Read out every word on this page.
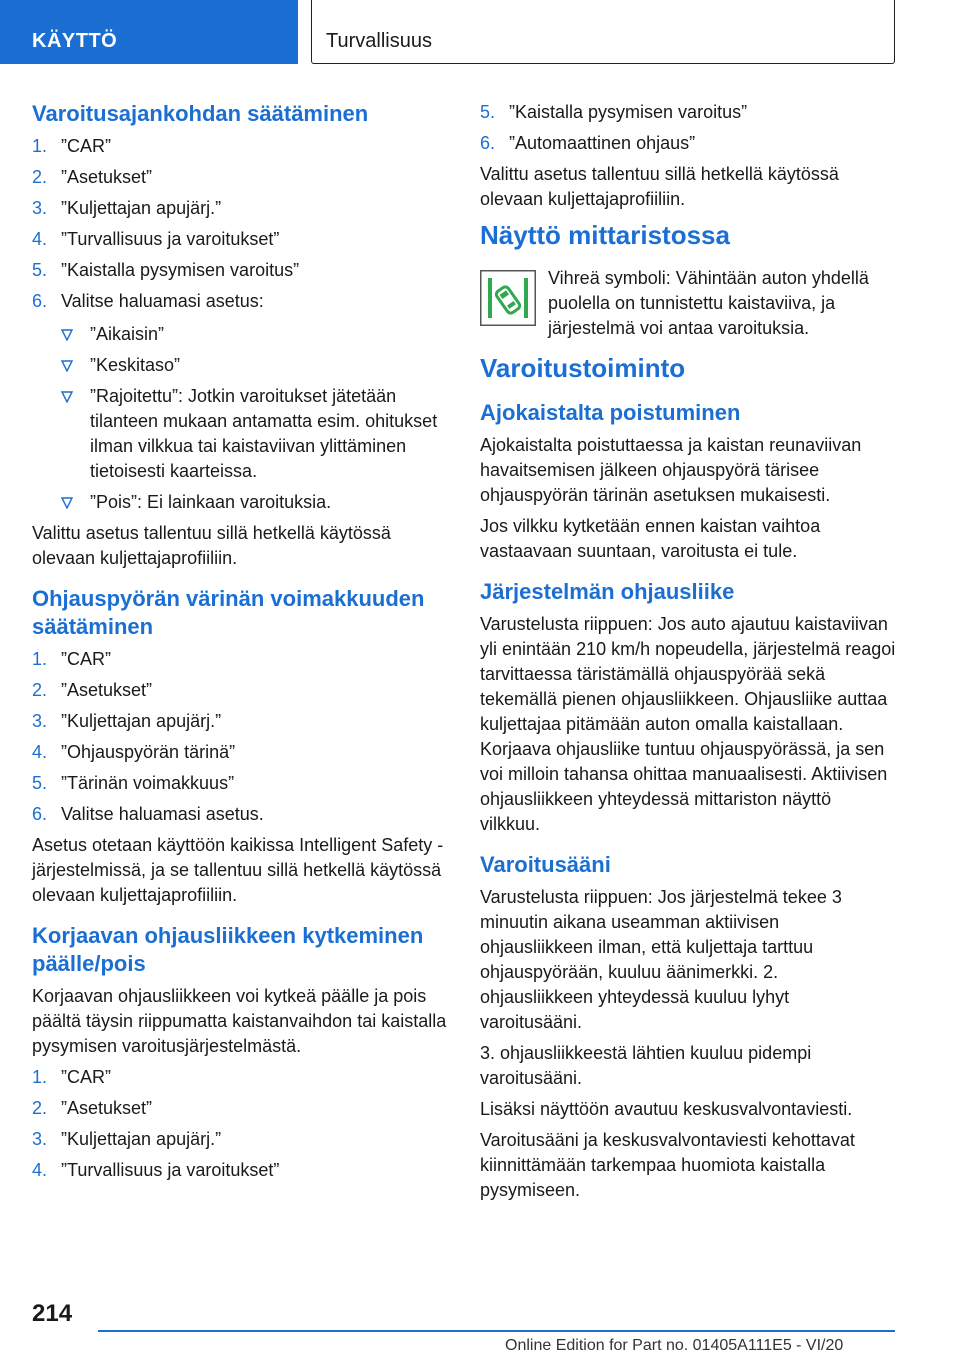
KÄYTTÖ	Turvallisuus
Varoitusajankohdan säätäminen
1. ”CAR”
2. ”Asetukset”
3. ”Kuljettajan apujärj.”
4. ”Turvallisuus ja varoitukset”
5. ”Kaistalla pysymisen varoitus”
6. Valitse haluamasi asetus:
”Aikaisin”
”Keskitaso”
”Rajoitettu”: Jotkin varoitukset jätetään tilanteen mukaan antamatta esim. ohitukset ilman vilkkua tai kaistaviivan ylittäminen tietoisesti kaarteissa.
”Pois”: Ei lainkaan varoituksia.

Valittu asetus tallentuu sillä hetkellä käytössä olevaan kuljettajaprofiiliin.

Ohjauspyörän värinän voimakkuuden säätäminen
1. ”CAR”
2. ”Asetukset”
3. ”Kuljettajan apujärj.”
4. ”Ohjauspyörän tärinä”
5. ”Tärinän voimakkuus”
6. Valitse haluamasi asetus.

Asetus otetaan käyttöön kaikissa Intelligent Safety -järjestelmissä, ja se tallentuu sillä hetkellä käytössä olevaan kuljettajaprofiiliin.

Korjaavan ohjausliikkeen kytkeminen päälle/pois

Korjaavan ohjausliikkeen voi kytkeä päälle ja pois päältä täysin riippumatta kaistanvaihdon tai kaistalla pysymisen varoitusjärjestelmästä.

1. ”CAR”
2. ”Asetukset”
3. ”Kuljettajan apujärj.”
4. ”Turvallisuus ja varoitukset”
5. ”Kaistalla pysymisen varoitus”
6. ”Automaattinen ohjaus”

Valittu asetus tallentuu sillä hetkellä käytössä olevaan kuljettajaprofiiliin.

Näyttö mittaristossa

Vihreä symboli: Vähintään auton yhdellä puolella on tunnistettu kaistaviiva, ja järjestelmä voi antaa varoituksia.

Varoitustoiminto
Ajokaistalta poistuminen

Ajokaistalta poistuttaessa ja kaistan reunaviivan havaitsemisen jälkeen ohjauspyörä tärisee ohjauspyörän tärinän asetuksen mukaisesti.

Jos vilkku kytketään ennen kaistan vaihtoa vastaavaan suuntaan, varoitusta ei tule.

Järjestelmän ohjausliike

Varustelusta riippuen: Jos auto ajautuu kaistaviivan yli enintään 210 km/h nopeudella, järjestelmä reagoi tarvittaessa täristämällä ohjauspyörää sekä tekemällä pienen ohjausliikkeen. Ohjausliike auttaa kuljettajaa pitämään auton omalla kaistallaan. Korjaava ohjausliike tuntuu ohjauspyörässä, ja sen voi milloin tahansa ohittaa manuaalisesti. Aktiivisen ohjausliikkeen yhteydessä mittariston näyttö vilkkuu.

Varoitusääni

Varustelusta riippuen: Jos järjestelmä tekee 3 minuutin aikana useamman aktiivisen ohjausliikkeen ilman, että kuljettaja tarttuu ohjauspyörään, kuuluu äänimerkki. 2. ohjausliikkeen yhteydessä kuuluu lyhyt varoitusääni.

3. ohjausliikkeestä lähtien kuuluu pidempi varoitusääni.

Lisäksi näyttöön avautuu keskusvalvontaviesti.

Varoitusääni ja keskusvalvontaviesti kehottavat kiinnittämään tarkempaa huomiota kaistalla pysymiseen.

214
Online Edition for Part no. 01405A111E5 - VI/20
